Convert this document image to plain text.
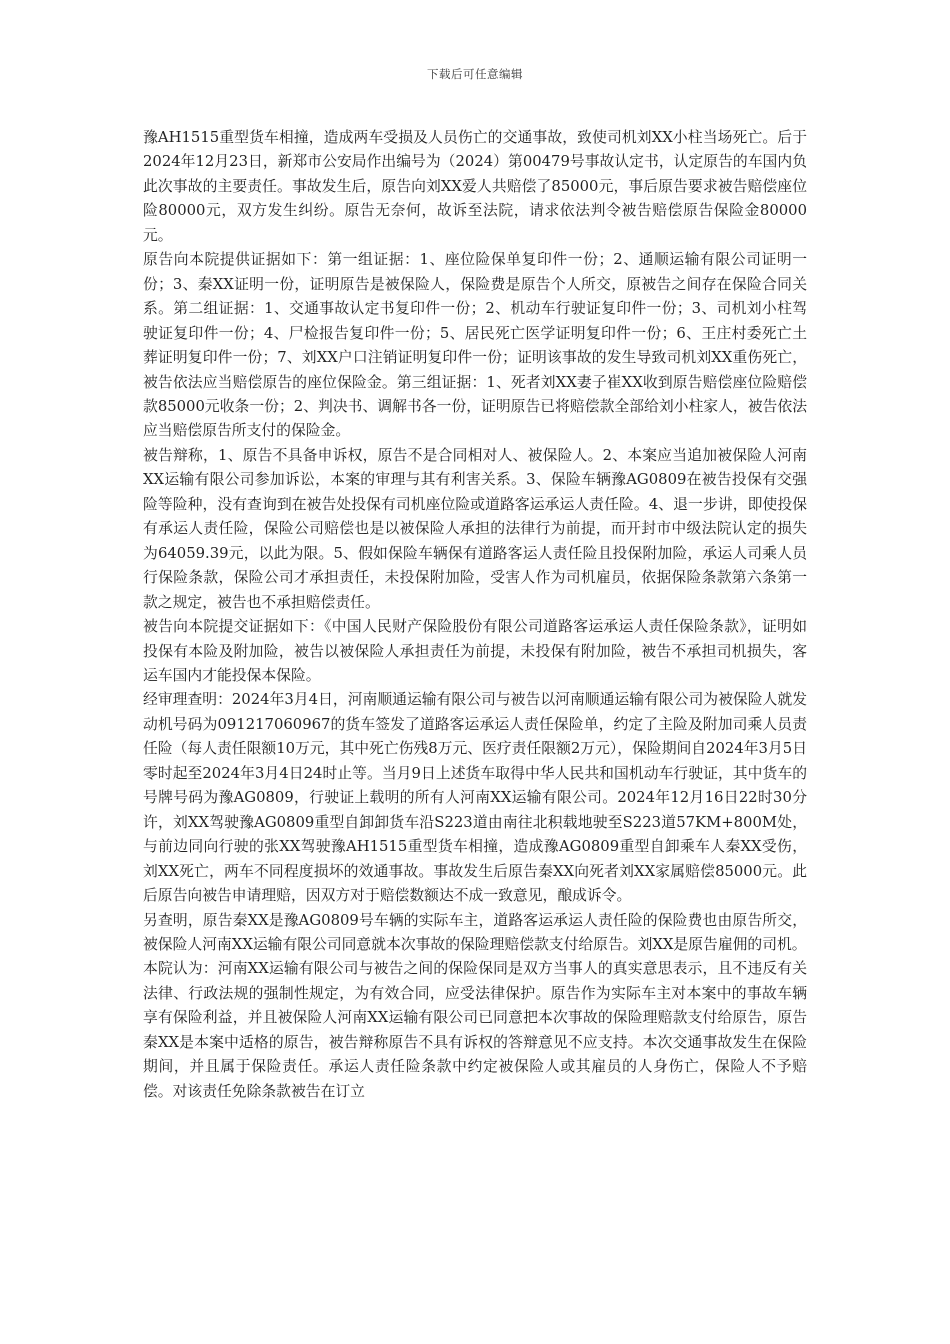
下载后可任意编辑

豫AH1515重型货车相撞，造成两车受损及人员伤亡的交通事故，致使司机刘XX小柱当场死亡。后于2024年12月23日，新郑市公安局作出编号为（2024）第00479号事故认定书，认定原告的车国内负此次事故的主要责任。事故发生后，原告向刘XX爱人共赔偿了85000元，事后原告要求被告赔偿座位险80000元，双方发生纠纷。原告无奈何，故诉至法院，请求依法判令被告赔偿原告保险金80000元。

原告向本院提供证据如下：第一组证据：1、座位险保单复印件一份；2、通顺运输有限公司证明一份；3、秦XX证明一份，证明原告是被保险人，保险费是原告个人所交，原被告之间存在保险合同关系。第二组证据：1、交通事故认定书复印件一份；2、机动车行驶证复印件一份；3、司机刘小柱驾驶证复印件一份；4、尸检报告复印件一份；5、居民死亡医学证明复印件一份；6、王庄村委死亡土葬证明复印件一份；7、刘XX户口注销证明复印件一份；证明该事故的发生导致司机刘XX重伤死亡，被告依法应当赔偿原告的座位保险金。第三组证据：1、死者刘XX妻子崔XX收到原告赔偿座位险赔偿款85000元收条一份；2、判决书、调解书各一份，证明原告已将赔偿款全部给刘小柱家人，被告依法应当赔偿原告所支付的保险金。

被告辩称，1、原告不具备申诉权，原告不是合同相对人、被保险人。2、本案应当追加被保险人河南XX运输有限公司参加诉讼，本案的审理与其有利害关系。3、保险车辆豫AG0809在被告投保有交强险等险种，没有查询到在被告处投保有司机座位险或道路客运承运人责任险。4、退一步讲，即使投保有承运人责任险，保险公司赔偿也是以被保险人承担的法律行为前提，而开封市中级法院认定的损失为64059.39元，以此为限。5、假如保险车辆保有道路客运人责任险且投保附加险，承运人司乘人员行保险条款，保险公司才承担责任，未投保附加险，受害人作为司机雇员，依据保险条款第六条第一款之规定，被告也不承担赔偿责任。

被告向本院提交证据如下：《中国人民财产保险股份有限公司道路客运承运人责任保险条款》，证明如投保有本险及附加险，被告以被保险人承担责任为前提，未投保有附加险，被告不承担司机损失，客运车国内才能投保本保险。

经审理查明：2024年3月4日，河南顺通运输有限公司与被告以河南顺通运输有限公司为被保险人就发动机号码为091217060967的货车签发了道路客运承运人责任保险单，约定了主险及附加司乘人员责任险（每人责任限额10万元，其中死亡伤残8万元、医疗责任限额2万元），保险期间自2024年3月5日零时起至2024年3月4日24时止等。当月9日上述货车取得中华人民共和国机动车行驶证，其中货车的号牌号码为豫AG0809，行驶证上载明的所有人河南XX运输有限公司。2024年12月16日22时30分许，刘XX驾驶豫AG0809重型自卸卸货车沿S223道由南往北积载地驶至S223道57KM+800M处，与前边同向行驶的张XX驾驶豫AH1515重型货车相撞，造成豫AG0809重型自卸乘车人秦XX受伤，刘XX死亡，两车不同程度损坏的效通事故。事故发生后原告秦XX向死者刘XX家属赔偿85000元。此后原告向被告申请理赔，因双方对于赔偿数额达不成一致意见，酿成诉令。

另查明，原告秦XX是豫AG0809号车辆的实际车主，道路客运承运人责任险的保险费也由原告所交，被保险人河南XX运输有限公司同意就本次事故的保险理赔偿款支付给原告。刘XX是原告雇佣的司机。

本院认为：河南XX运输有限公司与被告之间的保险保同是双方当事人的真实意思表示，且不违反有关法律、行政法规的强制性规定，为有效合同，应受法律保护。原告作为实际车主对本案中的事故车辆享有保险利益，并且被保险人河南XX运输有限公司已同意把本次事故的保险理赔款支付给原告，原告秦XX是本案中适格的原告，被告辩称原告不具有诉权的答辩意见不应支持。本次交通事故发生在保险期间，并且属于保险责任。承运人责任险条款中约定被保险人或其雇员的人身伤亡，保险人不予赔偿。对该责任免除条款被告在订立
